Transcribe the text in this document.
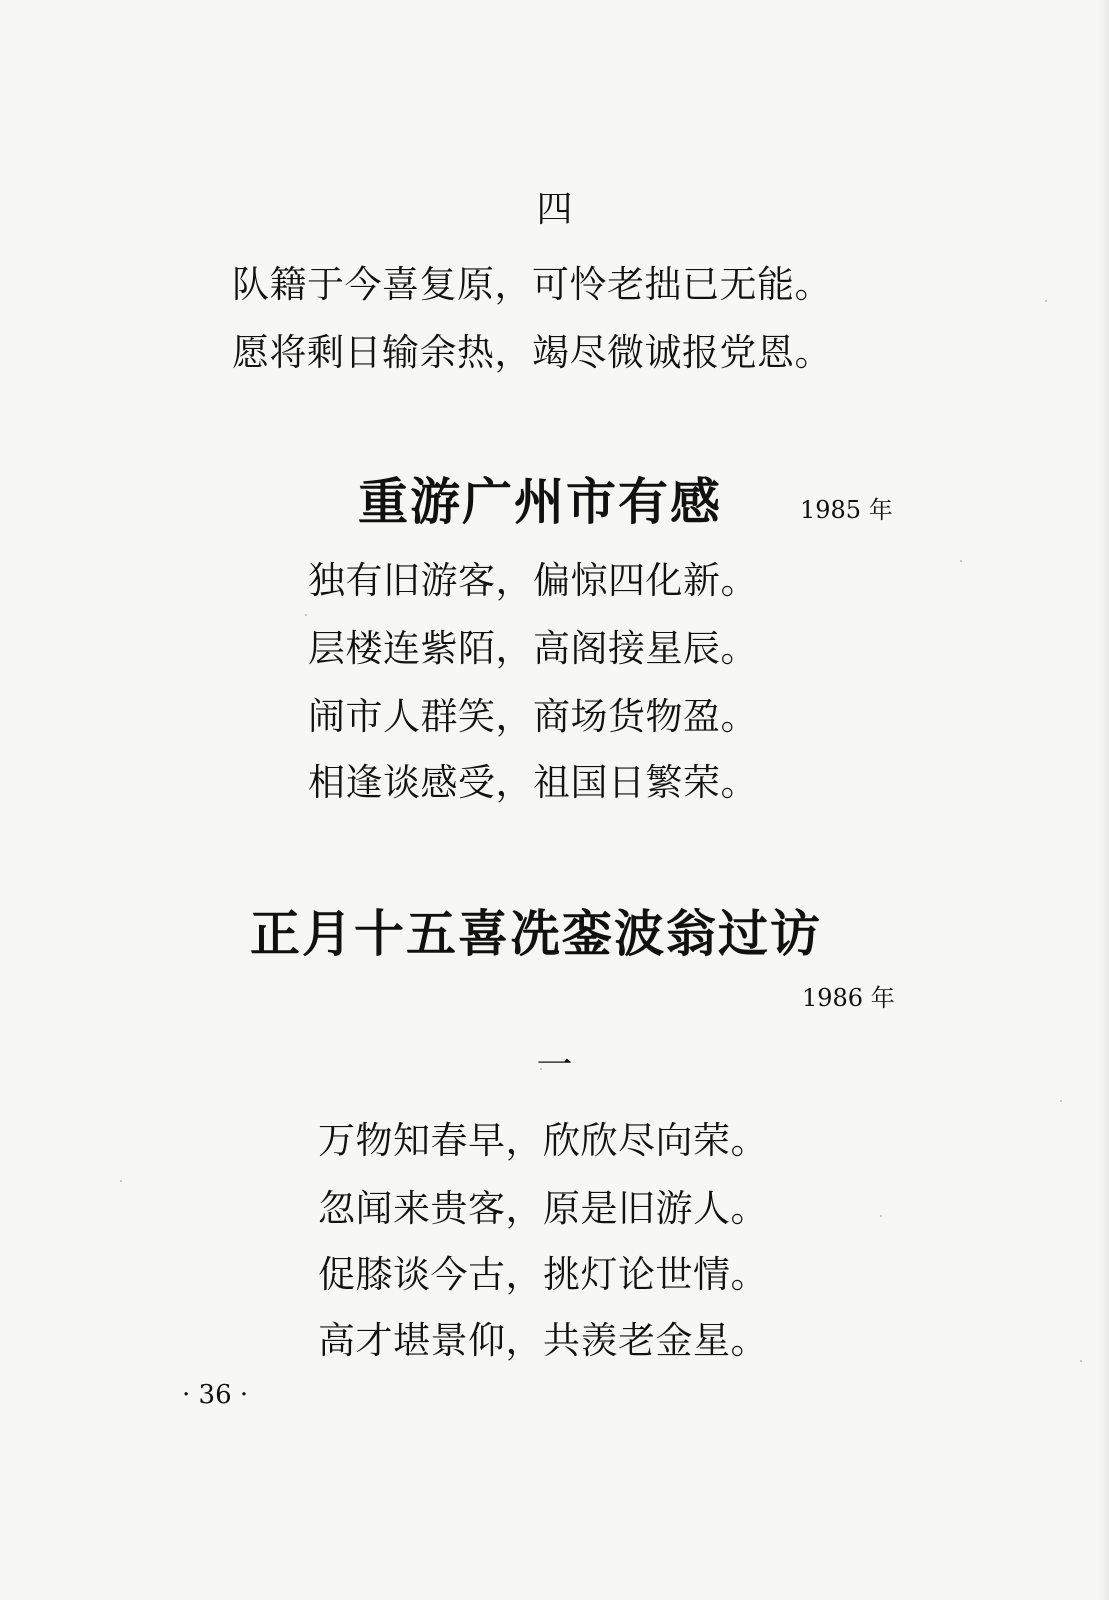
四
队籍于今喜复原，可怜老拙已无能。
愿将剩日输余热，竭尽微诚报党恩。
重游广州市有感	1985 年
独有旧游客，偏惊四化新。
层楼连紫陌，高阁接星辰。
闹市人群笑，商场货物盈。
相逢谈感受，祖国日繁荣。
正月十五喜冼銮波翁过访
1986 年
一
万物知春早，欣欣尽向荣。
忽闻来贵客，原是旧游人。
促膝谈今古，挑灯论世情。
高才堪景仰，共羡老金星。
· 36 ·
